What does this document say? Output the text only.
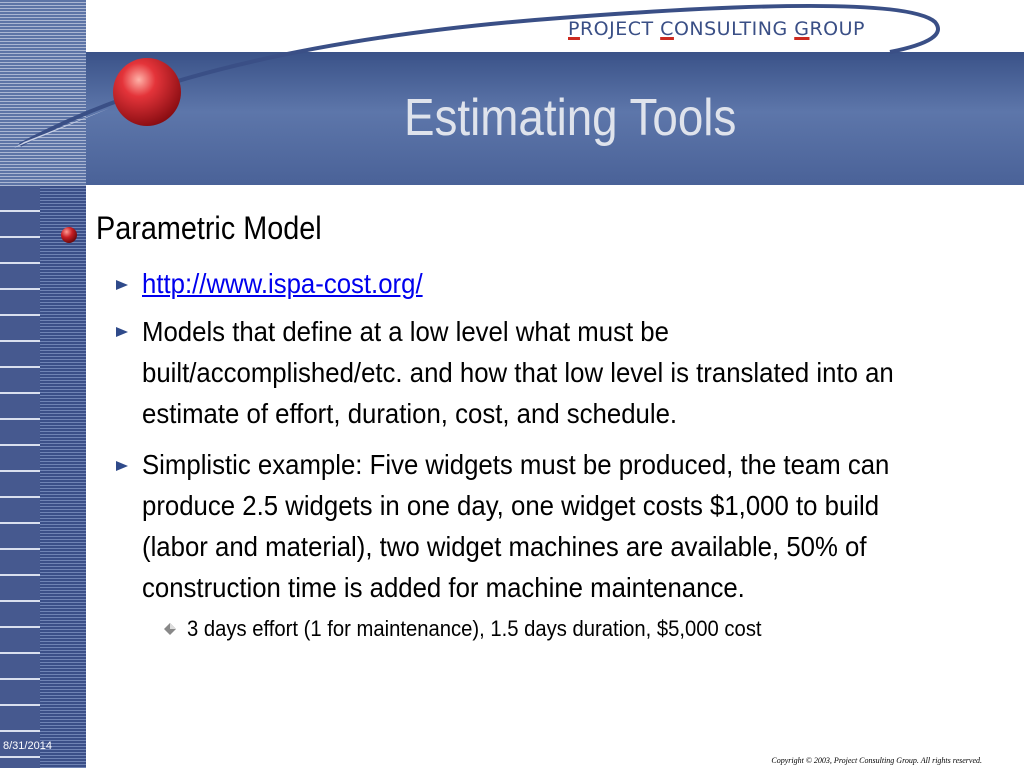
PROJECT CONSULTING GROUP
Estimating Tools
Parametric Model
http://www.ispa-cost.org/
Models that define at a low level what must be
built/accomplished/etc. and how that low level is translated into an
estimate of effort, duration, cost, and schedule.
Simplistic example: Five widgets must be produced, the team can
produce 2.5 widgets in one day, one widget costs $1,000 to build
(labor and material), two widget machines are available, 50% of
construction time is added for machine maintenance.
3 days effort (1 for maintenance), 1.5 days duration, $5,000 cost
8/31/2014
Copyright © 2003, Project Consulting Group. All rights reserved.
